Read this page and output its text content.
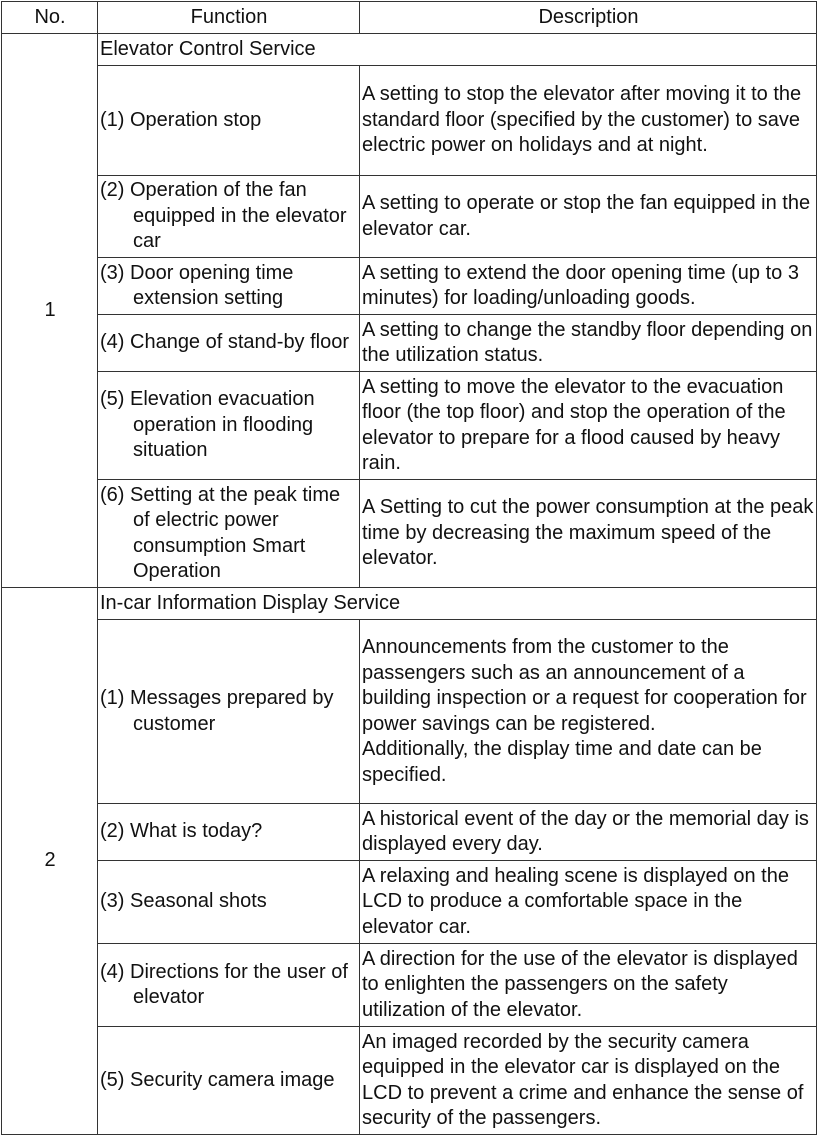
No.	Function	Description
1	Elevator Control Service	
	(1) Operation stop	A setting to stop the elevator after moving it to the standard floor (specified by the customer) to save electric power on holidays and at night.
	(2) Operation of the fan equipped in the elevator car	A setting to operate or stop the fan equipped in the elevator car.
	(3) Door opening time extension setting	A setting to extend the door opening time (up to 3 minutes) for loading/unloading goods.
	(4) Change of stand-by floor	A setting to change the standby floor depending on the utilization status.
	(5) Elevation evacuation operation in flooding situation	A setting to move the elevator to the evacuation floor (the top floor) and stop the operation of the elevator to prepare for a flood caused by heavy rain.
	(6) Setting at the peak time of electric power consumption Smart Operation	A Setting to cut the power consumption at the peak time by decreasing the maximum speed of the elevator.
2	In-car Information Display Service	
	(1) Messages prepared by customer	Announcements from the customer to the passengers such as an announcement of a building inspection or a request for cooperation for power savings can be registered.
Additionally, the display time and date can be specified.

	(2) What is today?	A historical event of the day or the memorial day is displayed every day.
	(3) Seasonal shots	A relaxing and healing scene is displayed on the LCD to produce a comfortable space in the elevator car.
	(4) Directions for the user of elevator	A direction for the use of the elevator is displayed to enlighten the passengers on the safety utilization of the elevator.
	(5) Security camera image	An imaged recorded by the security camera equipped in the elevator car is displayed on the LCD to prevent a crime and enhance the sense of security of the passengers.
